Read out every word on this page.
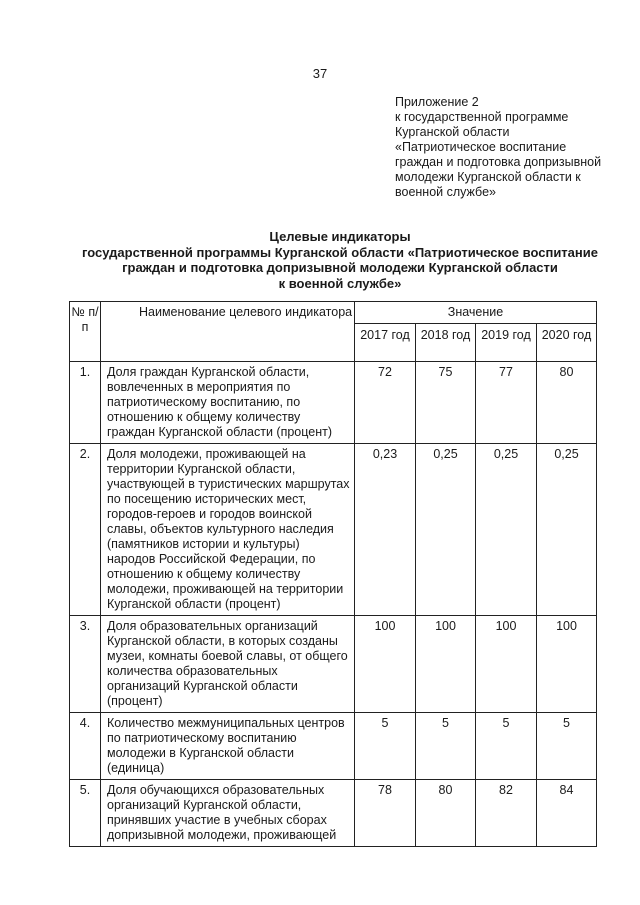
37
Приложение 2
к государственной программе
Курганской области
«Патриотическое воспитание
граждан и подготовка допризывной
молодежи Курганской области к
военной службе»
Целевые индикаторы
государственной программы Курганской области «Патриотическое воспитание
граждан и подготовка допризывной молодежи Курганской области
к военной службе»
№ п/п	Наименование целевого индикатора	Значение			
		2017 год	2018 год	2019 год	2020 год
1.	Доля граждан Курганской области, вовлеченных в мероприятия по патриотическому воспитанию, по отношению к общему количеству граждан Курганской области (процент)	72	75	77	80
2.	Доля молодежи, проживающей на территории Курганской области, участвующей в туристических маршрутах по посещению исторических мест, городов-героев и городов воинской славы, объектов культурного наследия (памятников истории и культуры) народов Российской Федерации, по отношению к общему количеству молодежи, проживающей на территории Курганской области (процент)	0,23	0,25	0,25	0,25
3.	Доля образовательных организаций Курганской области, в которых созданы музеи, комнаты боевой славы, от общего количества образовательных организаций Курганской области (процент)	100	100	100	100
4.	Количество межмуниципальных центров по патриотическому воспитанию молодежи в Курганской области (единица)	5	5	5	5
5.	Доля обучающихся образовательных организаций Курганской области, принявших участие в учебных сборах допризывной молодежи, проживающей	78	80	82	84
